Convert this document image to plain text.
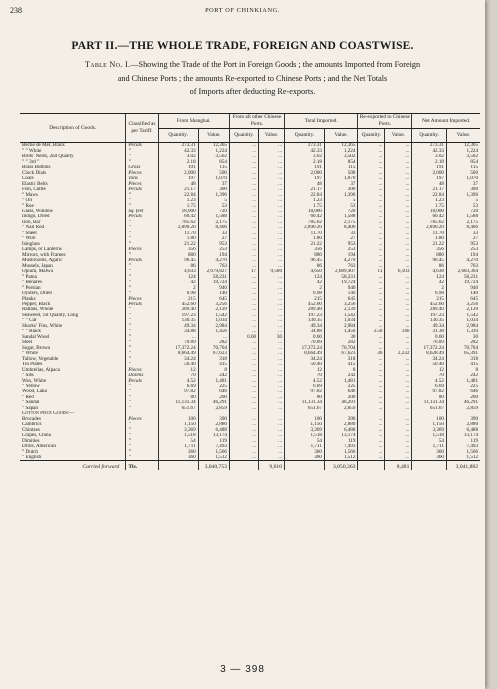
238	PORT OF CHINKIANG.
PART II.—THE WHOLE TRADE, FOREIGN AND COASTWISE.
Table No. I.—Showing the Trade of the Port in Foreign Goods ; the amounts Imported from Foreign
and Chinese Ports ; the amounts Re-exported to Chinese Ports ; and the Net Totals
of Imports after deducting Re-exports.
Description of Goods.	Classified as per Tariff.	From Shanghai.		From all other Chinese Ports.		Total Imported.		Re-exported to Chinese Ports.		Net Amount Imported.	
		Quantity.	Value.	Quantity.	Value.	Quantity.	Value.	Quantity.	Value.	Quantity.	Value.
Bêche de Mer, Black	Peculs	273.31	12,365	...	...	273.31	12,365	...	...	273.31	12,365
” ” White	”	42.33	1,224	...	...	42.33	1,224	...	...	42.33	1,224
Birds’ Nests, 2nd Quality	”	3.02	3,502	...	...	3.02	3,502	...	...	3.02	3,502
” ” 3rd ”	”	2.18	854	...	...	2.18	854	...	...	2.18	854
Brass Buttons	Gross	191	115	...	...	191	115	...	...	191	115
Clock Dials	Pieces	2,000	500	...	...	2,000	500	...	...	2,000	500
Coals	Tons	197	1,070	...	...	197	1,070	...	...	197	1,070
Elastic Belts	Pieces	48	37	...	...	48	37	...	...	48	37
Fish, Cuttle	Peculs	21.17	300	...	...	21.17	300	...	...	21.17	300
” Maws	”	22.84	1,396	...	...	22.84	1,396	...	...	22.84	1,396
” Oil	”	1.23	5	...	...	1.23	5	...	...	1.23	5
” Roe	”	1.75	53	...	...	1.75	53	...	...	1.75	53
Glass, Window	Sq. feet	18,000	720	...	...	18,000	720	...	...	18,000	720
Indigo, Dried	Peculs	60.42	1,588	...	...	60.42	1,588	...	...	60.42	1,588
Iron, Bar	”	785.62	2,175	...	...	785.62	2,175	...	...	785.62	2,175
” Nail Rod	”	2,890.20	8,406	...	...	2,890.20	8,406	...	...	2,890.20	8,406
” Sheet	”	11.70	33	...	...	11.70	33	...	...	11.70	33
” Wire	”	1.80	27	...	...	1.80	27	...	...	1.80	27
Isinglass	”	21.22	953	...	...	21.22	953	...	...	21.22	953
Lamps, or Lanterns	Pieces	356	253	...	...	356	253	...	...	356	253
Mirrors, with Frames	”	880	194	...	...	880	194	...	...	880	194
Mushrooms, Agaric	Peculs	96.45	4,270	...	...	96.45	4,270	...	...	96.45	4,270
Mussels, Japan	”	86	763	...	...	86	763	...	...	86	763
Opium, Malwa	”	4,633	2,679,827	17	9,580	4,650	2,689,407	11	6,103	4,638	2,683,304
” Patna	”	124	58,231	...	...	124	58,231	...	...	124	58,231
” Benares	”	42	19,724	...	...	42	19,724	...	...	42	19,724
” Persian	”	2	940	...	...	2	940	...	...	2	940
Oysters, Dried	”	6.98	140	...	...	6.98	140	...	...	6.98	140
Planks	Pieces	215	645	...	...	215	645	...	...	215	645
Pepper, Black	Peculs	452.60	3,256	...	...	452.60	3,256	...	...	452.60	3,256
Rattans, Whole	”	289.40	2,139	...	...	289.40	2,139	...	...	289.40	2,139
Seaweed, 1st Quality, Long	”	197.23	1,542	...	...	197.23	1,542	...	...	197.23	1,542
” ” Cut	”	130.35	1,034	...	...	130.35	1,034	...	...	130.35	1,034
Sharks’ Fins, White	”	49.34	2,984	...	...	49.34	2,984	...	...	49.34	2,984
” ” Black	”	34.88	1,456	...	...	34.88	1,456	3.50	146	31.38	1,310
Sandal Wood	”	...	...	0.60	30	0.60	30	...	...	0.60	30
Steel	”	70.89	282	...	...	70.89	282	...	...	70.89	282
Sugar, Brown	”	17,372.24	70,704	...	...	17,372.24	70,704	...	...	17,372.24	70,704
” White	”	8,664.49	67,623	...	...	8,664.49	67,623	36	2,232	8,628.49	65,391
Tallow, Vegetable	”	34.24	318	...	...	34.24	318	...	...	34.24	318
Tin Plates	”	50.40	415	...	...	50.40	415	...	...	50.40	415
Umbrellas, Alpaca	Pieces	12	8	...	...	12	8	...	...	12	8
” Silk	Dozens	70	242	...	...	70	242	...	...	70	242
Wax, White	Peculs	4.52	1,481	...	...	4.52	1,481	...	...	4.52	1,481
” Yellow	”	6.69	225	...	...	6.69	225	...	...	6.69	225
Wood, Laka	”	97.82	646	...	...	97.82	646	...	...	97.82	646
” Red	”	80	200	...	...	80	200	...	...	80	200
” Sandal	”	11,131.34	46,291	...	...	11,131.34	46,291	...	...	11,131.34	46,291
” Sapan	”	651.67	2,859	...	...	651.67	2,859	...	...	651.67	2,859
Cotton Piece Goods:—											
Brocades	Pieces	100	390	...	...	100	390	...	...	100	390
Cambrics	”	1,150	2,880	...	...	1,150	2,880	...	...	1,150	2,880
Chintzes	”	3,369	6,488	...	...	3,369	6,488	...	...	3,369	6,488
Crapes, China	”	1,518	13,174	...	...	1,518	13,174	...	...	1,518	13,174
Dimities	”	54	119	...	...	54	119	...	...	54	119
Drills, American	”	1,711	7,493	...	...	1,711	7,493	...	...	1,711	7,493
” Dutch	”	360	1,566	...	...	360	1,566	...	...	360	1,566
” English	”	360	1,512	...	...	360	1,512	...	...	360	1,512
Carried forward	Tls.		3,040,753		9,610		3,050,363		8,481		3,041,882
3 — 398
